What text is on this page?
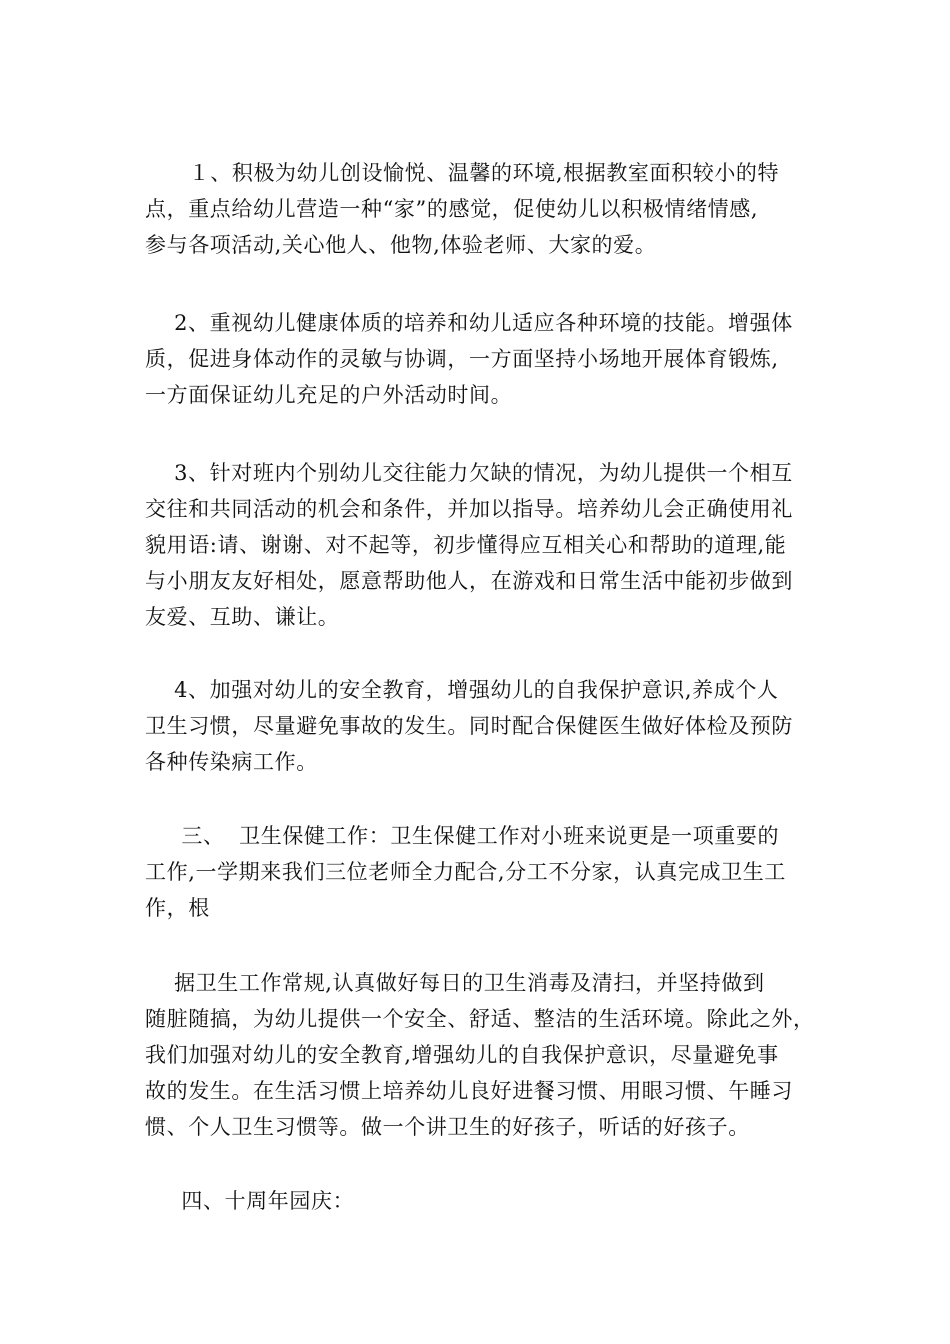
１、积极为幼儿创设愉悦、温馨的环境,根据教室面积较小的特
点，重点给幼儿营造一种“家”的感觉，促使幼儿以积极情绪情感,
参与各项活动,关心他人、他物,体验老师、大家的爱。

2、重视幼儿健康体质的培养和幼儿适应各种环境的技能。增强体
质，促进身体动作的灵敏与协调，一方面坚持小场地开展体育锻炼,
一方面保证幼儿充足的户外活动时间。

3、针对班内个别幼儿交往能力欠缺的情况，为幼儿提供一个相互
交往和共同活动的机会和条件，并加以指导。培养幼儿会正确使用礼
貌用语:请、谢谢、对不起等，初步懂得应互相关心和帮助的道理,能
与小朋友友好相处，愿意帮助他人，在游戏和日常生活中能初步做到
友爱、互助、谦让。

4、加强对幼儿的安全教育，增强幼儿的自我保护意识,养成个人
卫生习惯，尽量避免事故的发生。同时配合保健医生做好体检及预防
各种传染病工作。

三、  卫生保健工作：卫生保健工作对小班来说更是一项重要的
工作,一学期来我们三位老师全力配合,分工不分家，认真完成卫生工
作，根

据卫生工作常规,认真做好每日的卫生消毒及清扫，并坚持做到
随脏随搞，为幼儿提供一个安全、舒适、整洁的生活环境。除此之外，
我们加强对幼儿的安全教育,增强幼儿的自我保护意识，尽量避免事
故的发生。在生活习惯上培养幼儿良好进餐习惯、用眼习惯、午睡习
惯、个人卫生习惯等。做一个讲卫生的好孩子，听话的好孩子。

四、十周年园庆：
